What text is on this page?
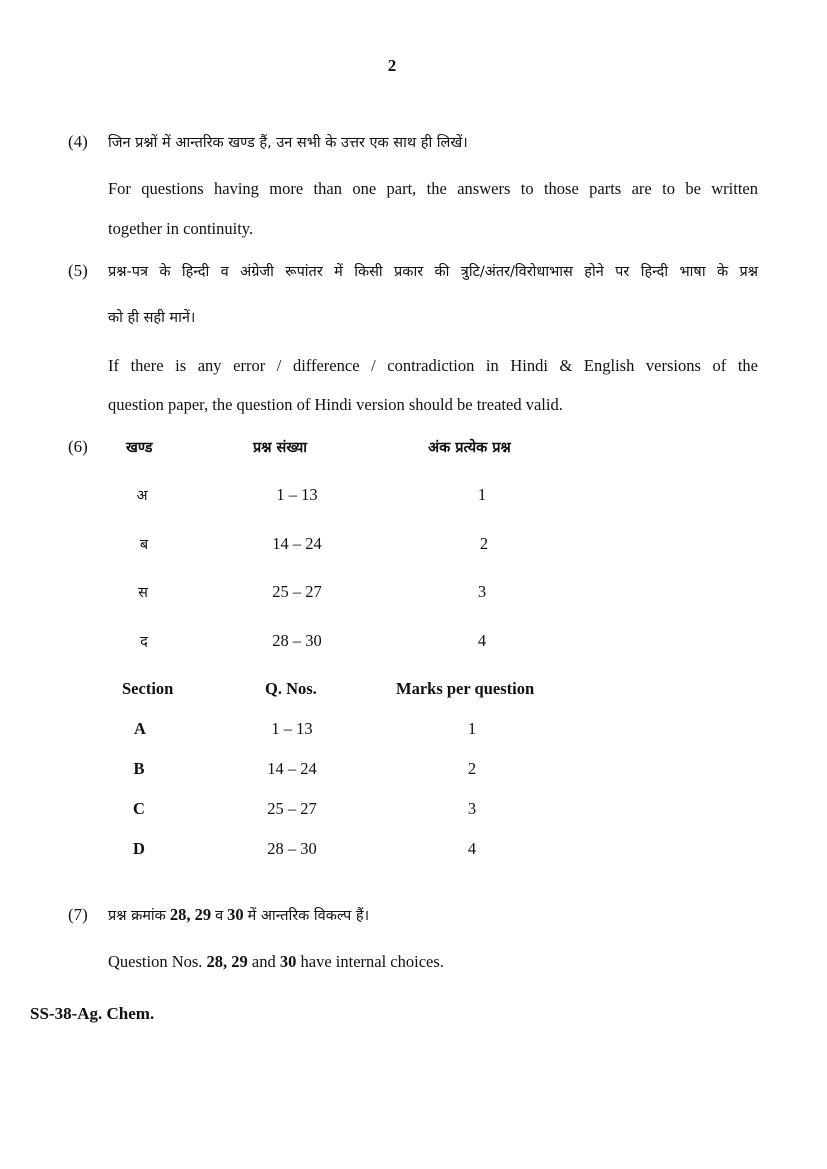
2
(4) जिन प्रश्नों में आन्तरिक खण्ड हैं, उन सभी के उत्तर एक साथ ही लिखें।
For questions having more than one part, the answers to those parts are to be written
together in continuity.
(5) प्रश्न-पत्र के हिन्दी व अंग्रेजी रूपांतर में किसी प्रकार की त्रुटि/अंतर/विरोधाभास होने पर हिन्दी भाषा के प्रश्न
को ही सही मानें।
If there is any error / difference / contradiction in Hindi & English versions of the
question paper, the question of Hindi version should be treated valid.
(6)	खण्ड	प्रश्न संख्या	अंक प्रत्येक प्रश्न
अ	1 – 13	1
ब	14 – 24	2
स	25 – 27	3
द	28 – 30	4
Section	Q. Nos.	Marks per question
A	1 – 13	1
B	14 – 24	2
C	25 – 27	3
D	28 – 30	4
(7) प्रश्न क्रमांक 28, 29 व 30 में आन्तरिक विकल्प हैं।
Question Nos. 28, 29 and 30 have internal choices.
SS-38-Ag. Chem.
